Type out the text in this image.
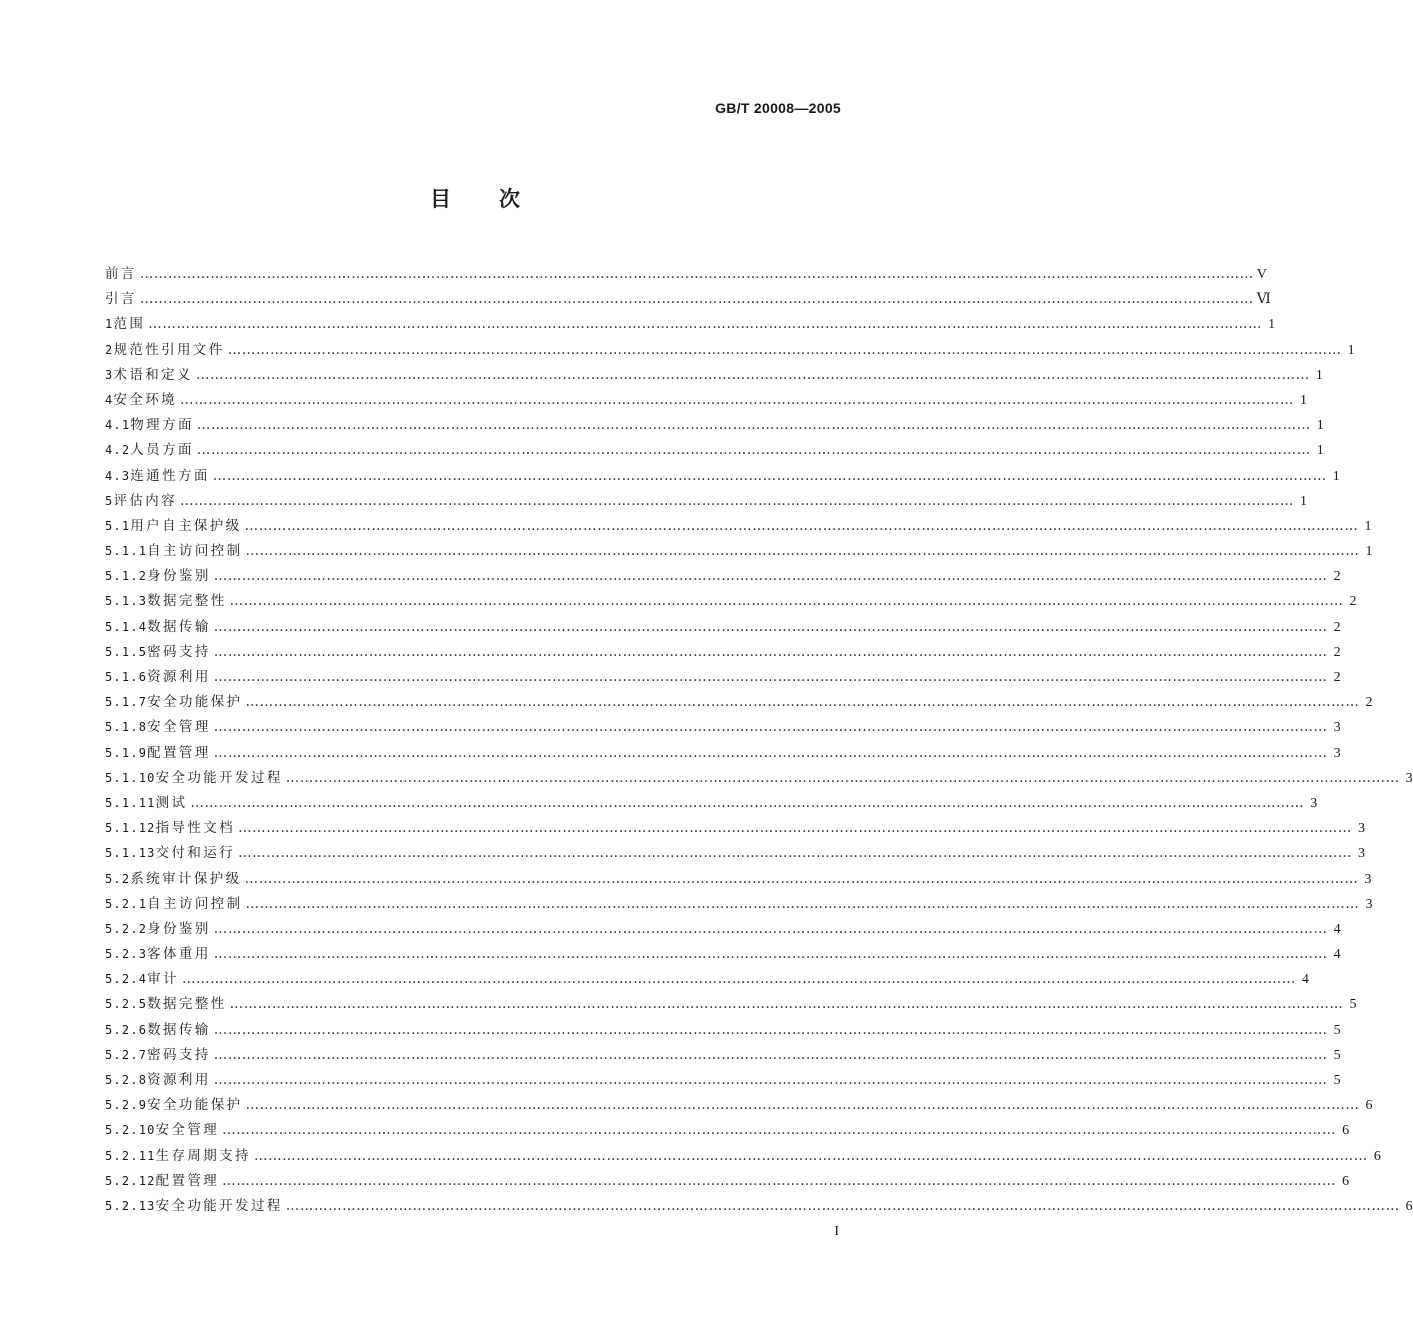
GB/T 20008—2005
目次
前言 …………………………………………………………………………………………………………………………………………………………………………………………………………………	V
引言 …………………………………………………………………………………………………………………………………………………………………………………………………………………	Ⅵ
1 范围 …………………………………………………………………………………………………………………………………………………………………………………………………………………	1
2 规范性引用文件 …………………………………………………………………………………………………………………………………………………………………………………………………………………	1
3 术语和定义 …………………………………………………………………………………………………………………………………………………………………………………………………………………	1
4 安全环境 …………………………………………………………………………………………………………………………………………………………………………………………………………………	1
4.1 物理方面 …………………………………………………………………………………………………………………………………………………………………………………………………………………	1
4.2 人员方面 …………………………………………………………………………………………………………………………………………………………………………………………………………………	1
4.3 连通性方面 …………………………………………………………………………………………………………………………………………………………………………………………………………………	1
5 评估内容 …………………………………………………………………………………………………………………………………………………………………………………………………………………	1
5.1 用户自主保护级 …………………………………………………………………………………………………………………………………………………………………………………………………………………	1
5.1.1 自主访问控制 …………………………………………………………………………………………………………………………………………………………………………………………………………………	1
5.1.2 身份鉴别 …………………………………………………………………………………………………………………………………………………………………………………………………………………	2
5.1.3 数据完整性 …………………………………………………………………………………………………………………………………………………………………………………………………………………	2
5.1.4 数据传输 …………………………………………………………………………………………………………………………………………………………………………………………………………………	2
5.1.5 密码支持 …………………………………………………………………………………………………………………………………………………………………………………………………………………	2
5.1.6 资源利用 …………………………………………………………………………………………………………………………………………………………………………………………………………………	2
5.1.7 安全功能保护 …………………………………………………………………………………………………………………………………………………………………………………………………………………	2
5.1.8 安全管理 …………………………………………………………………………………………………………………………………………………………………………………………………………………	3
5.1.9 配置管理 …………………………………………………………………………………………………………………………………………………………………………………………………………………	3
5.1.10 安全功能开发过程 …………………………………………………………………………………………………………………………………………………………………………………………………………………	3
5.1.11 测试 …………………………………………………………………………………………………………………………………………………………………………………………………………………	3
5.1.12 指导性文档 …………………………………………………………………………………………………………………………………………………………………………………………………………………	3
5.1.13 交付和运行 …………………………………………………………………………………………………………………………………………………………………………………………………………………	3
5.2 系统审计保护级 …………………………………………………………………………………………………………………………………………………………………………………………………………………	3
5.2.1 自主访问控制 …………………………………………………………………………………………………………………………………………………………………………………………………………………	3
5.2.2 身份鉴别 …………………………………………………………………………………………………………………………………………………………………………………………………………………	4
5.2.3 客体重用 …………………………………………………………………………………………………………………………………………………………………………………………………………………	4
5.2.4 审计 …………………………………………………………………………………………………………………………………………………………………………………………………………………	4
5.2.5 数据完整性 …………………………………………………………………………………………………………………………………………………………………………………………………………………	5
5.2.6 数据传输 …………………………………………………………………………………………………………………………………………………………………………………………………………………	5
5.2.7 密码支持 …………………………………………………………………………………………………………………………………………………………………………………………………………………	5
5.2.8 资源利用 …………………………………………………………………………………………………………………………………………………………………………………………………………………	5
5.2.9 安全功能保护 …………………………………………………………………………………………………………………………………………………………………………………………………………………	6
5.2.10 安全管理 …………………………………………………………………………………………………………………………………………………………………………………………………………………	6
5.2.11 生存周期支持 …………………………………………………………………………………………………………………………………………………………………………………………………………………	6
5.2.12 配置管理 …………………………………………………………………………………………………………………………………………………………………………………………………………………	6
5.2.13 安全功能开发过程 …………………………………………………………………………………………………………………………………………………………………………………………………………………	6
I
